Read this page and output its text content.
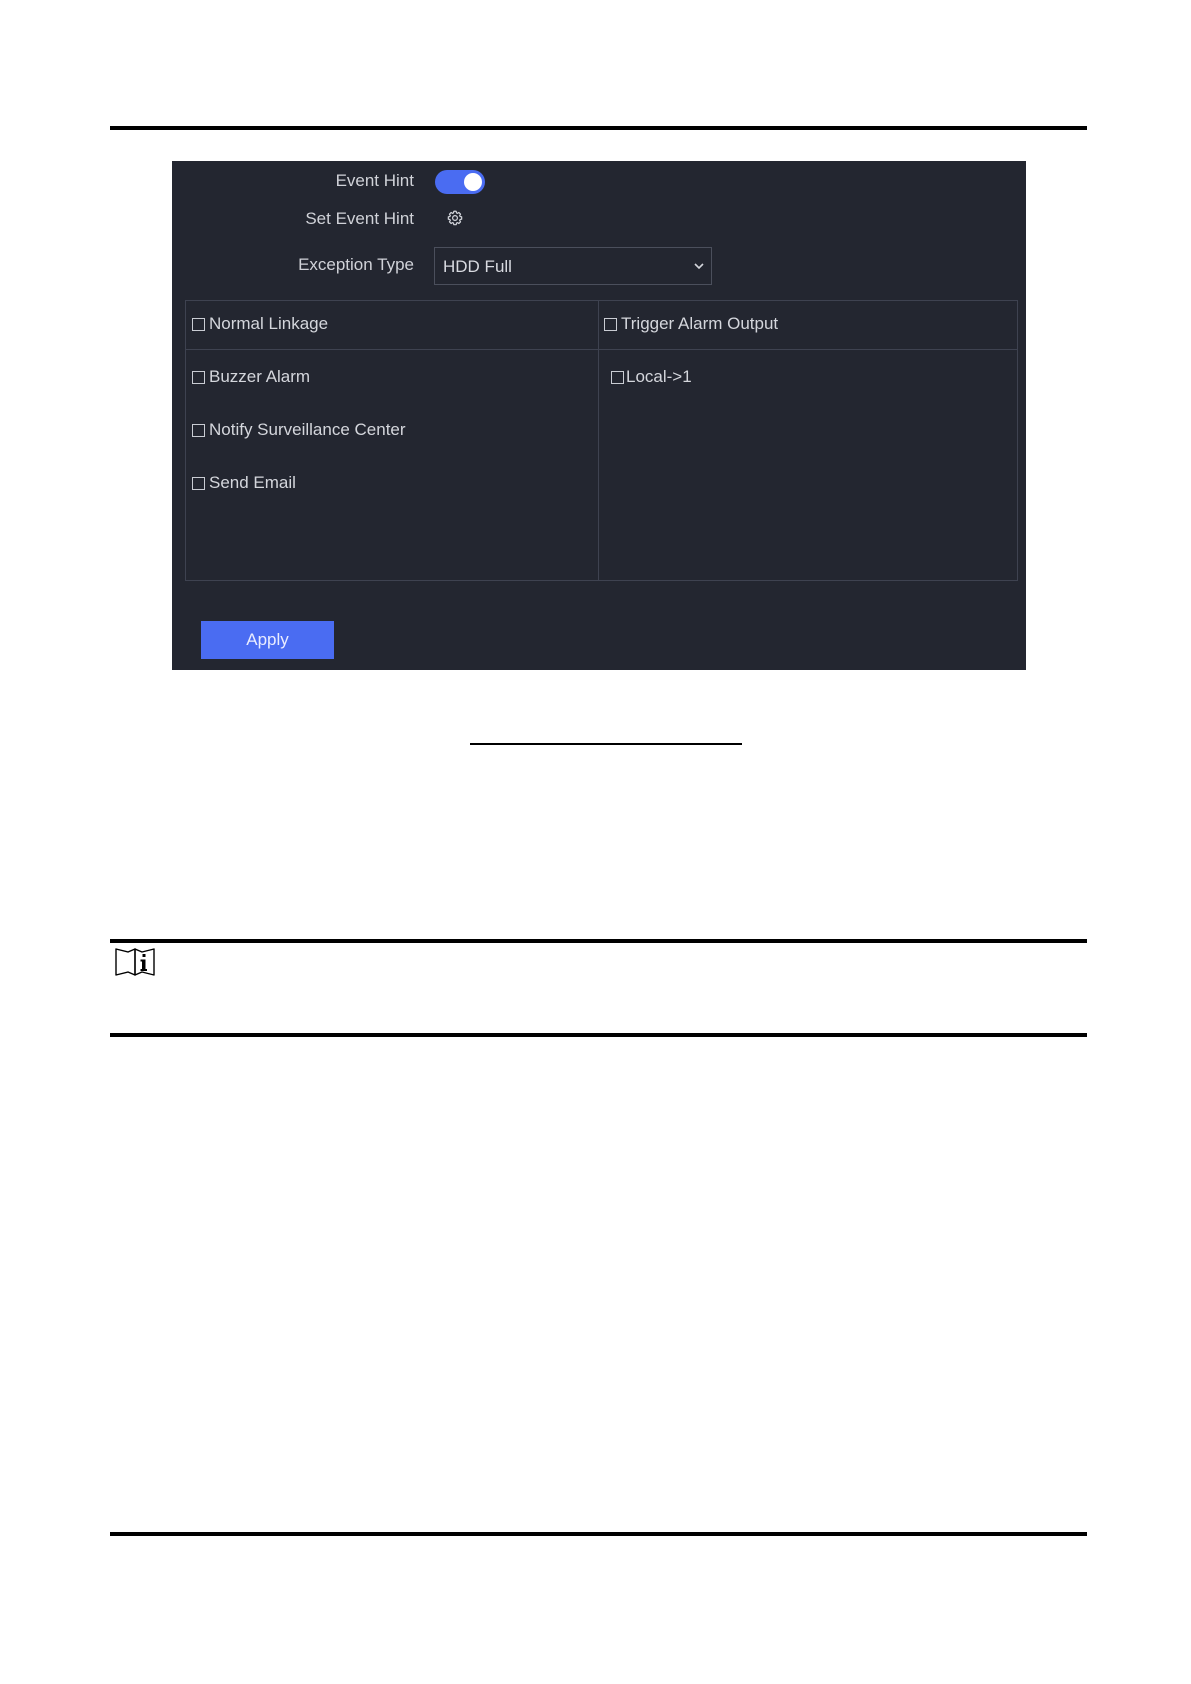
Event Hint
Set Event Hint
Exception Type HDD Full
Normal Linkage	Trigger Alarm Output
Buzzer Alarm
Notify Surveillance Center
Send Email
Local->1
Apply
